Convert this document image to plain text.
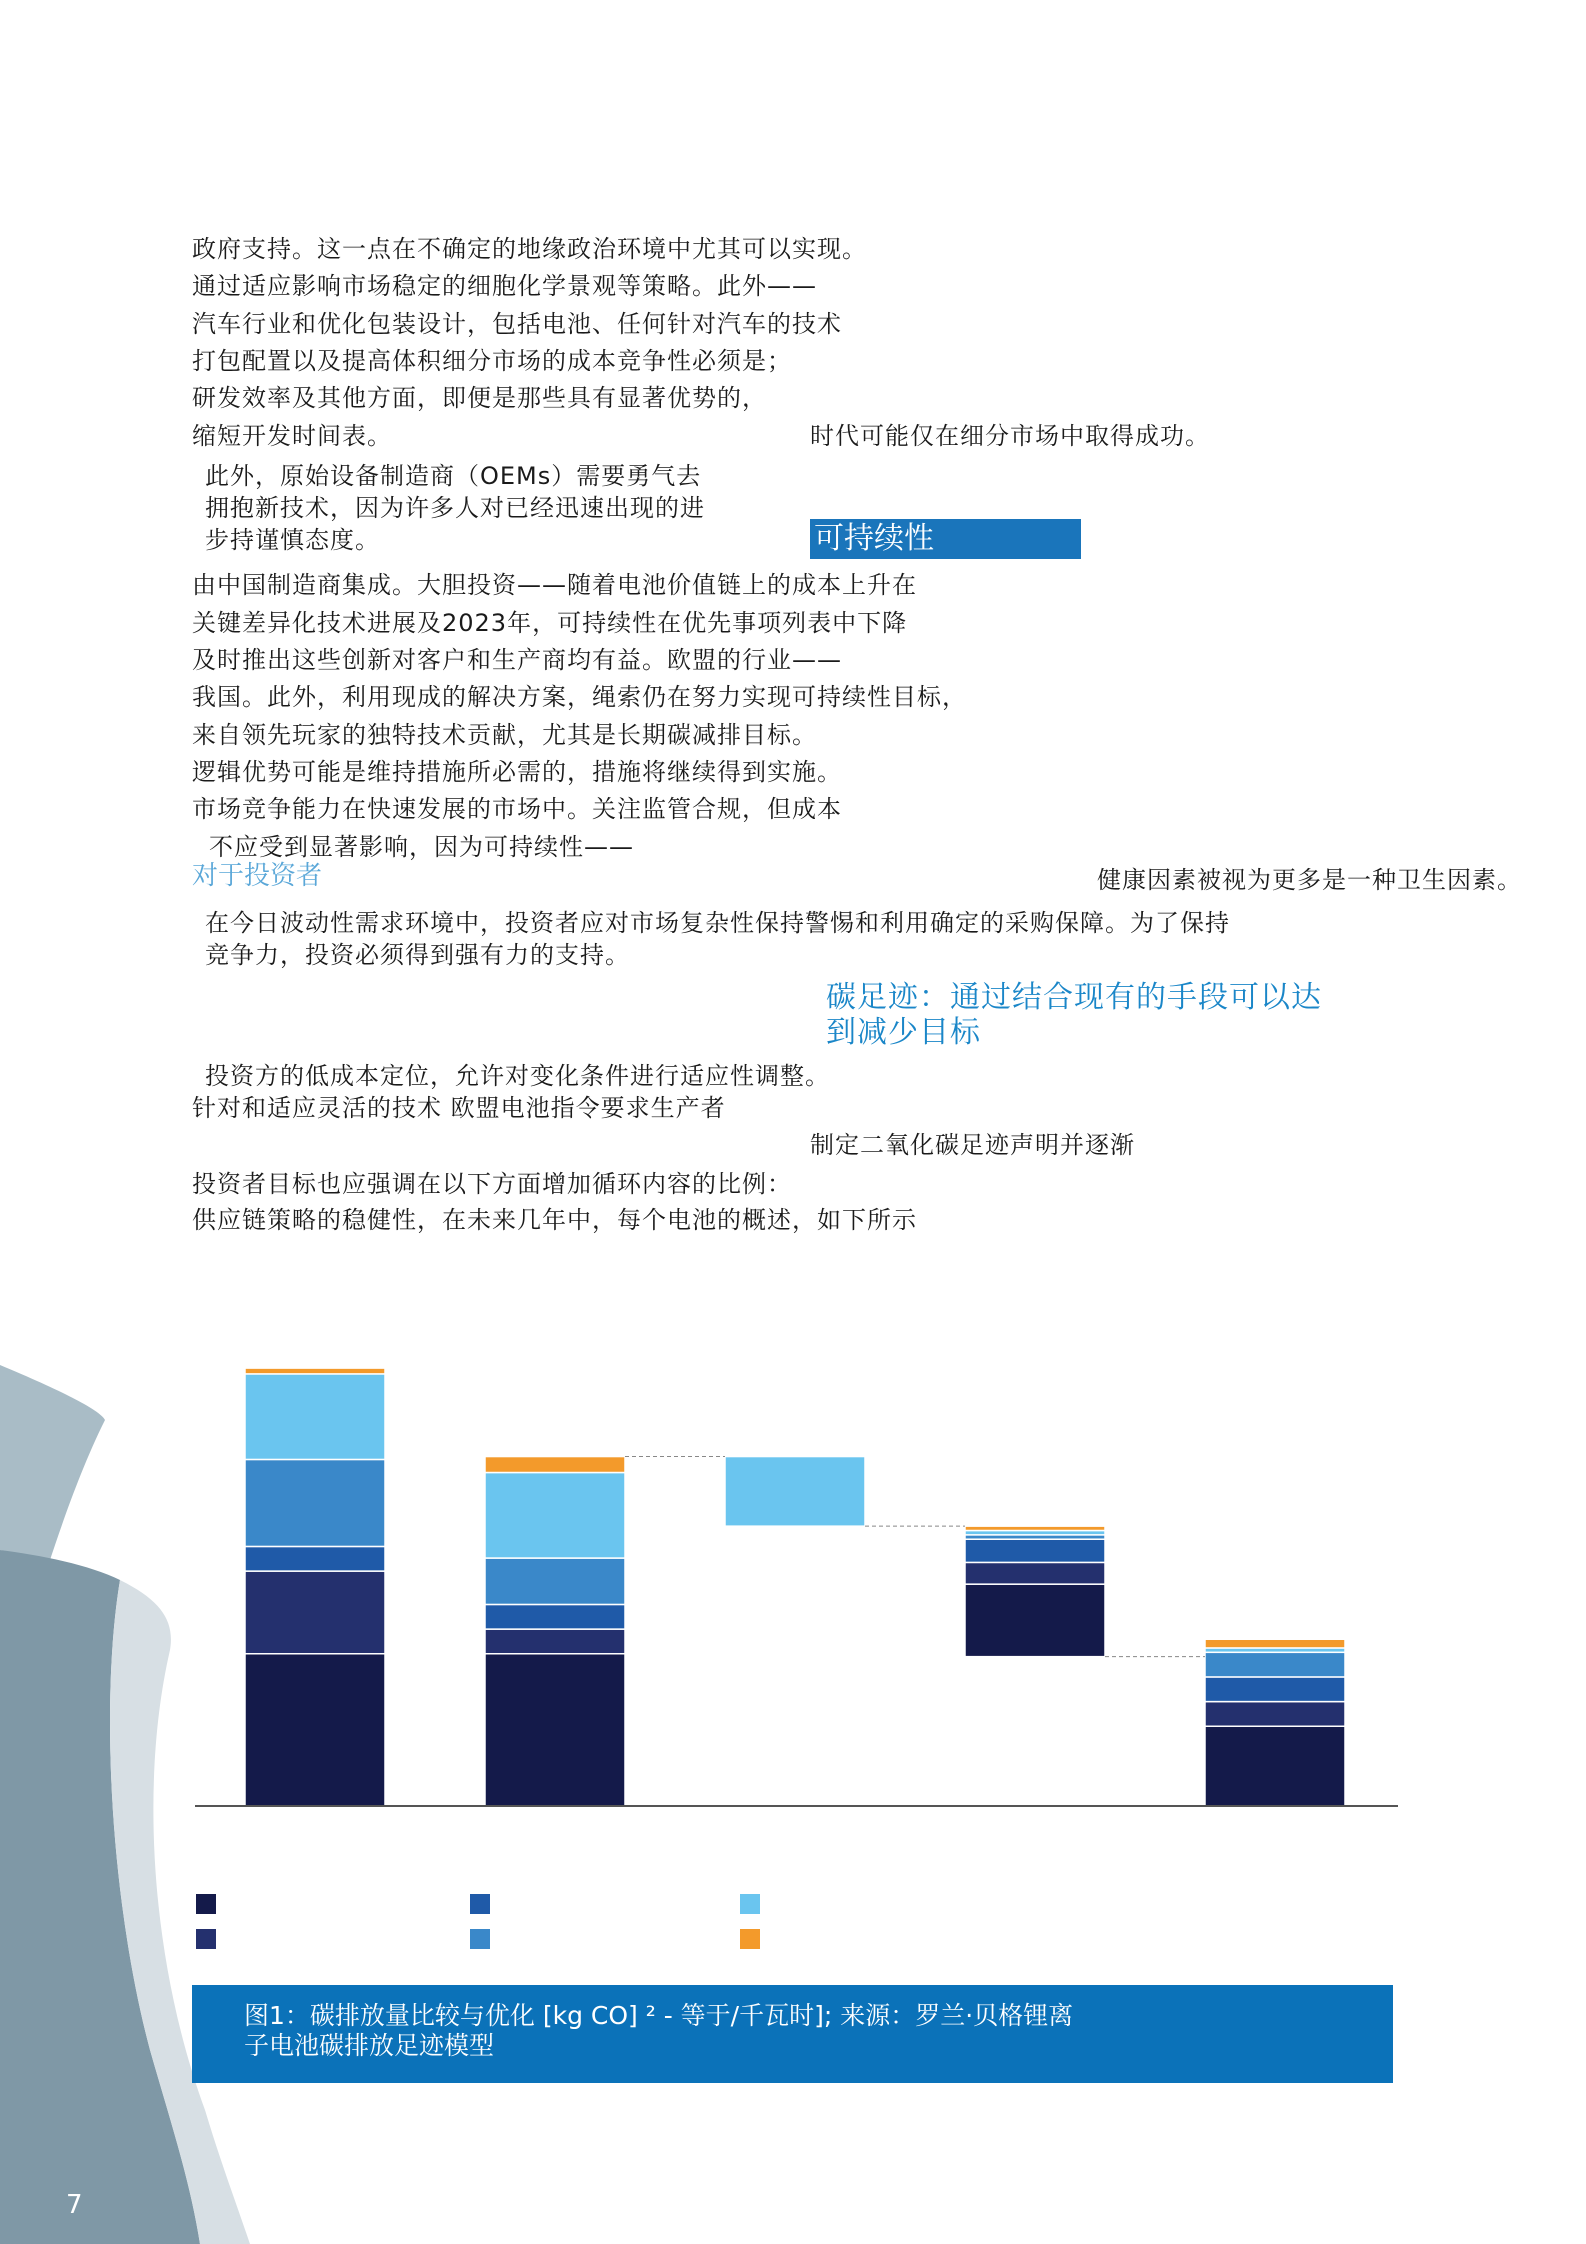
政府支持。这一点在不确定的地缘政治环境中尤其可以实现。
通过适应影响市场稳定的细胞化学景观等策略。此外——
汽车行业和优化包装设计，包括电池、任何针对汽车的技术
打包配置以及提高体积细分市场的成本竞争性必须是；
研发效率及其他方面，即便是那些具有显著优势的，
缩短开发时间表。	时代可能仅在细分市场中取得成功。
此外，原始设备制造商（OEMs）需要勇气去
拥抱新技术，因为许多人对已经迅速出现的进
步持谨慎态度。	可持续性
由中国制造商集成。大胆投资——随着电池价值链上的成本上升在
关键差异化技术进展及2023年，可持续性在优先事项列表中下降
及时推出这些创新对客户和生产商均有益。欧盟的行业——
我国。此外，利用现成的解决方案，绳索仍在努力实现可持续性目标，
来自领先玩家的独特技术贡献，尤其是长期碳减排目标。
逻辑优势可能是维持措施所必需的，措施将继续得到实施。
市场竞争能力在快速发展的市场中。关注监管合规，但成本
不应受到显著影响，因为可持续性——
对于投资者	健康因素被视为更多是一种卫生因素。
在今日波动性需求环境中，投资者应对市场复杂性保持警惕和利用确定的采购保障。为了保持
竞争力，投资必须得到强有力的支持。
碳足迹：通过结合现有的手段可以达
到减少目标
投资方的低成本定位，允许对变化条件进行适应性调整。
针对和适应灵活的技术 欧盟电池指令要求生产者
制定二氧化碳足迹声明并逐渐
投资者目标也应强调在以下方面增加循环内容的比例：
供应链策略的稳健性，在未来几年中，每个电池的概述，如下所示
图1：碳排放量比较与优化 [kg CO] ² - 等于/千瓦时]; 来源：罗兰·贝格锂离
子电池碳排放足迹模型
7
